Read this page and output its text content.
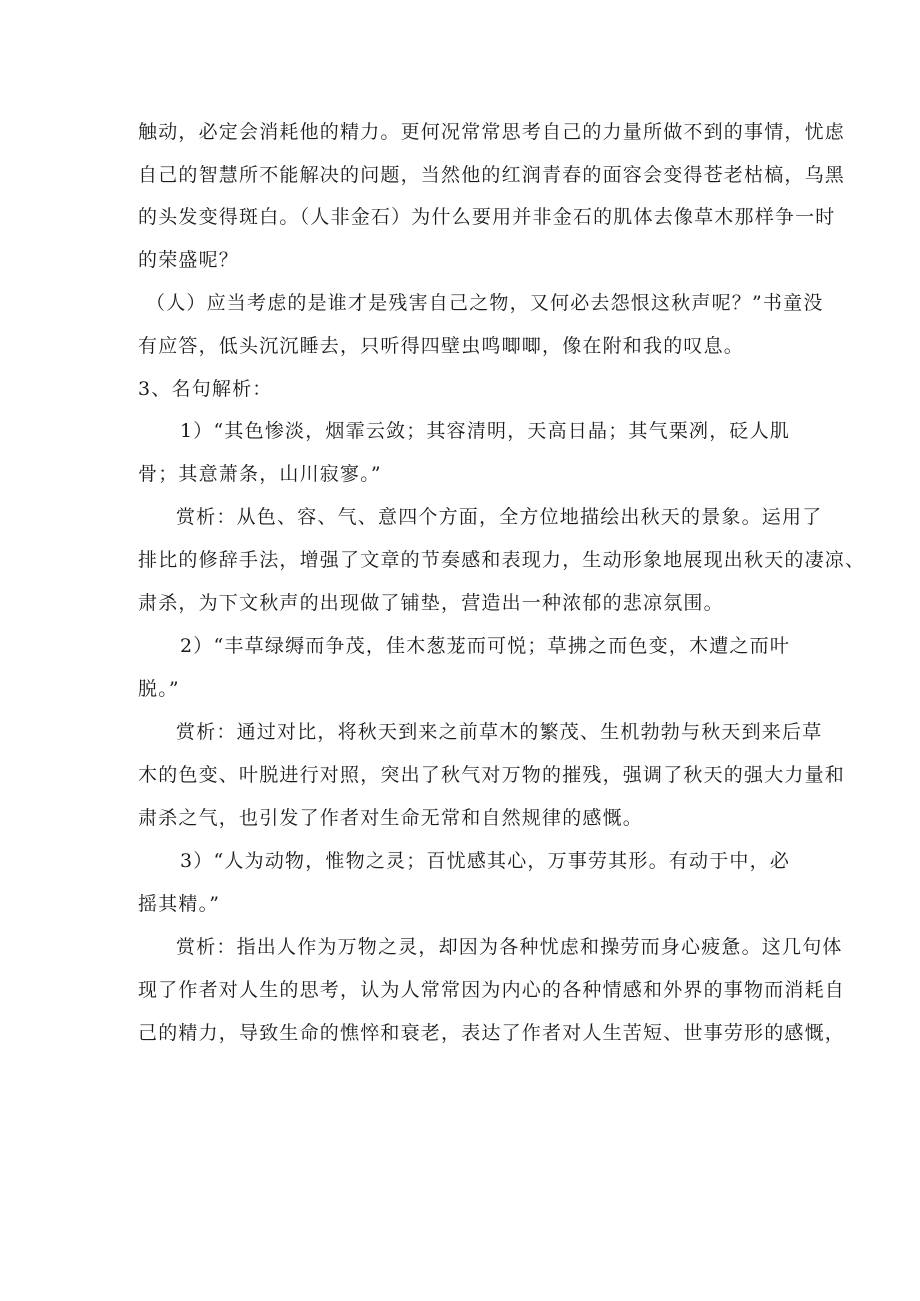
触动，必定会消耗他的精力。更何况常常思考自己的力量所做不到的事情，忧虑
自己的智慧所不能解决的问题，当然他的红润青春的面容会变得苍老枯槁，乌黑
的头发变得斑白。（人非金石）为什么要用并非金石的肌体去像草木那样争一时
的荣盛呢？
（人）应当考虑的是谁才是残害自己之物，又何必去怨恨这秋声呢？”书童没
有应答，低头沉沉睡去，只听得四壁虫鸣唧唧，像在附和我的叹息。
3、名句解析：
1） “其色惨淡，烟霏云敛；其容清明，天高日晶；其气栗冽，砭人肌
骨；其意萧条，山川寂寥。”
赏析：从色、容、气、意四个方面，全方位地描绘出秋天的景象。运用了
排比的修辞手法，增强了文章的节奏感和表现力，生动形象地展现出秋天的凄凉、
肃杀，为下文秋声的出现做了铺垫，营造出一种浓郁的悲凉氛围。
2） “丰草绿缛而争茂，佳木葱茏而可悦；草拂之而色变，木遭之而叶
脱。”
赏析：通过对比，将秋天到来之前草木的繁茂、生机勃勃与秋天到来后草
木的色变、叶脱进行对照，突出了秋气对万物的摧残，强调了秋天的强大力量和
肃杀之气，也引发了作者对生命无常和自然规律的感慨。
3） “人为动物，惟物之灵；百忧感其心，万事劳其形。有动于中，必
摇其精。”
赏析：指出人作为万物之灵，却因为各种忧虑和操劳而身心疲惫。这几句体
现了作者对人生的思考，认为人常常因为内心的各种情感和外界的事物而消耗自
己的精力，导致生命的憔悴和衰老，表达了作者对人生苦短、世事劳形的感慨，
